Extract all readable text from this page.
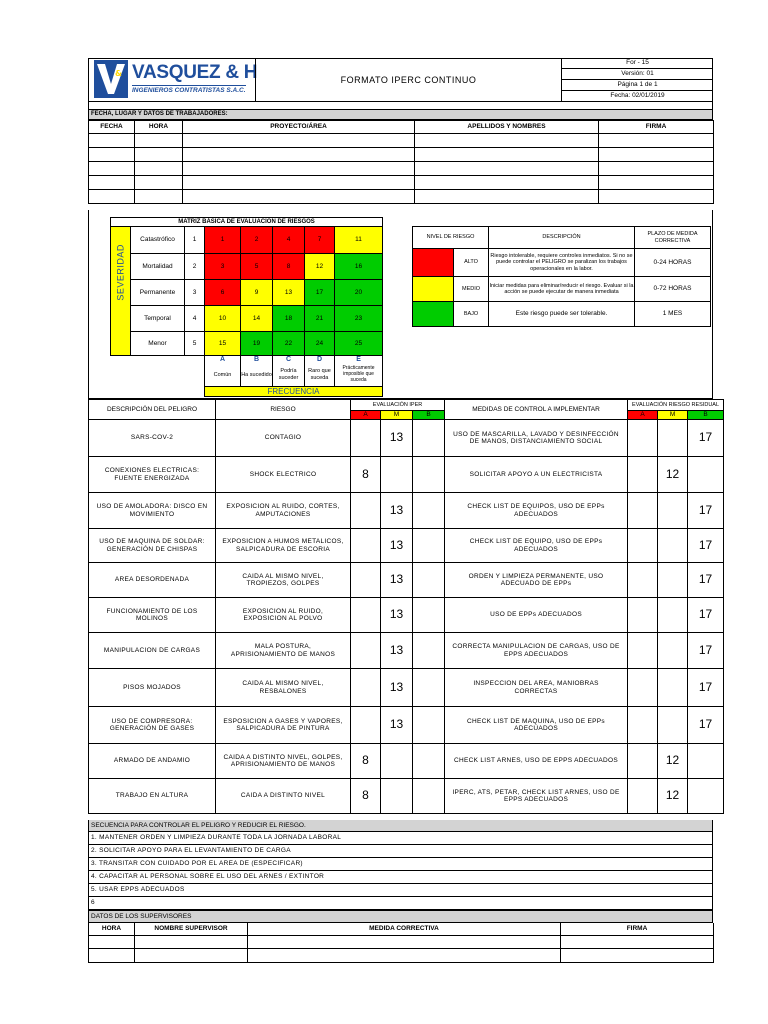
& VASQUEZ & H
INGENIEROS CONTRATISTAS S.A.C.
FORMATO IPERC CONTINUO
For - 15
Versión: 01
Página 1 de 1
Fecha: 02/01/2019
FECHA, LUGAR Y DATOS DE TRABAJADORES:
FECHA	HORA	PROYECTO/ÁREA	APELLIDOS Y NOMBRES	FIRMA

MATRIZ BÁSICA DE EVALUACIÓN DE RIESGOS							

SEVERIDAD	Catastrófico	1	1	2	4	7	11
	Mortalidad	2	3	5	8	12	16
	Permanente	3	6	9	13	17	20
	Temporal	4	10	14	18	21	23
	Menor	5	15	19	22	24	25
			A	B	C	D	E
			Común	Ha sucedido	Podría suceder	Raro que suceda	Prácticamente imposible que suceda
			FRECUENCIA				
NIVEL DE RIESGO		DESCRIPCIÓN	PLAZO DE MEDIDA CORRECTIVA
	ALTO	Riesgo intolerable, requiere controles inmediatos. Si no se puede controlar el PELIGRO se paralizan los trabajos operacionales en la labor.	0-24 HORAS
	MEDIO	Iniciar medidas para eliminar/reducir el riesgo. Evaluar si la acción se puede ejecutar de manera inmediata	0-72 HORAS
	BAJO	Este riesgo puede ser tolerable.	1 MES
DESCRIPCIÓN DEL PELIGRO	RIESGO	EVALUACIÓN IPER			MEDIDAS DE CONTROL A IMPLEMENTAR	EVALUACIÓN RIESGO RESIDUAL		
		A	M	B		A	M	B
SARS-COV-2	CONTAGIO		13		USO DE MASCARILLA, LAVADO Y DESINFECCIÓN DE MANOS, DISTANCIAMIENTO SOCIAL			17
CONEXIONES ELECTRICAS: FUENTE ENERGIZADA	SHOCK ELECTRICO	8			SOLICITAR APOYO A UN ELECTRICISTA		12	
USO DE AMOLADORA: DISCO EN MOVIMIENTO	EXPOSICION AL RUIDO, CORTES, AMPUTACIONES		13		CHECK LIST DE EQUIPOS, USO DE EPPs ADECUADOS			17
USO DE MAQUINA DE SOLDAR: GENERACIÓN DE CHISPAS	EXPOSICION A HUMOS METALICOS, SALPICADURA DE ESCORIA		13		CHECK LIST DE EQUIPO, USO DE EPPs ADECUADOS			17
AREA DESORDENADA	CAIDA AL MISMO NIVEL, TROPIEZOS, GOLPES		13		ORDEN Y LIMPIEZA PERMANENTE, USO ADECUADO DE EPPs			17
FUNCIONAMIENTO DE LOS MOLINOS	EXPOSICION AL RUIDO, EXPOSICION AL POLVO		13		USO DE EPPs ADECUADOS			17
MANIPULACION DE CARGAS	MALA POSTURA, APRISIONAMIENTO DE MANOS		13		CORRECTA MANIPULACION DE CARGAS, USO DE EPPS ADECUADOS			17
PISOS MOJADOS	CAIDA AL MISMO NIVEL, RESBALONES		13		INSPECCION DEL AREA, MANIOBRAS CORRECTAS			17
USO DE COMPRESORA: GENERACIÓN DE GASES	ESPOSICION A GASES Y VAPORES, SALPICADURA DE PINTURA		13		CHECK LIST DE MAQUINA, USO DE EPPs ADECUADOS			17
ARMADO DE ANDAMIO	CAIDA A DISTINTO NIVEL, GOLPES, APRISIONAMIENTO DE MANOS	8			CHECK LIST ARNES, USO DE EPPS ADECUADOS		12	
TRABAJO EN ALTURA	CAIDA A DISTINTO NIVEL	8			IPERC, ATS, PETAR, CHECK LIST ARNES, USO DE EPPS ADECUADOS		12	
SECUENCIA PARA CONTROLAR EL PELIGRO Y REDUCIR EL RIESGO.
1. MANTENER ORDEN Y LIMPIEZA DURANTE TODA LA JORNADA LABORAL
2. SOLICITAR APOYO PARA EL LEVANTAMIENTO DE CARGA
3. TRANSITAR CON CUIDADO POR EL AREA DE (ESPECIFICAR)
4. CAPACITAR AL PERSONAL SOBRE EL USO DEL ARNES / EXTINTOR
5. USAR EPPS ADECUADOS
6
DATOS DE LOS SUPERVISORES
HORA	NOMBRE SUPERVISOR	MEDIDA CORRECTIVA	FIRMA
